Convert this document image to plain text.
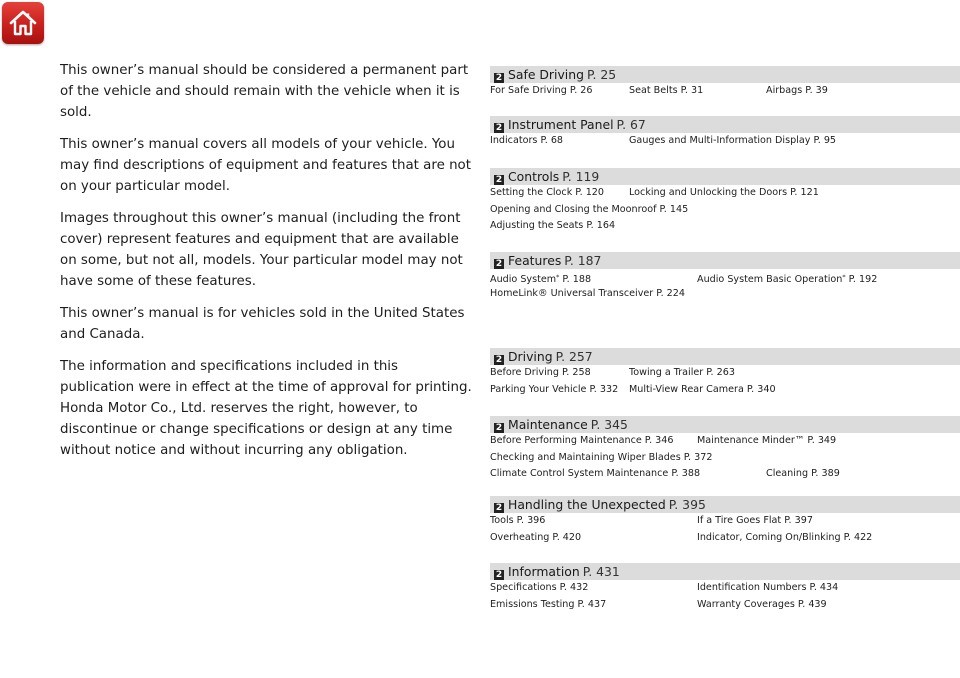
This owner’s manual should be considered a permanent part of the vehicle and should remain with the vehicle when it is sold.

This owner’s manual covers all models of your vehicle. You may find descriptions of equipment and features that are not on your particular model.

Images throughout this owner’s manual (including the front cover) represent features and equipment that are available on some, but not all, models. Your particular model may not have some of these features.

This owner’s manual is for vehicles sold in the United States and Canada.

The information and specifications included in this publication were in effect at the time of approval for printing. Honda Motor Co., Ltd. reserves the right, however, to discontinue or change specifications or design at any time without notice and without incurring any obligation.

2 Safe Driving P. 25
For Safe Driving P. 26	Seat Belts P. 31	Airbags P. 39
2 Instrument Panel P. 67
Indicators P. 68	Gauges and Multi-Information Display P. 95
2 Controls P. 119
Setting the Clock P. 120	Locking and Unlocking the Doors P. 121
Opening and Closing the Moonroof P. 145
Adjusting the Seats P. 164
2 Features P. 187
Audio System* P. 188	Audio System Basic Operation* P. 192
HomeLink® Universal Transceiver P. 224
2 Driving P. 257
Before Driving P. 258	Towing a Trailer P. 263
Parking Your Vehicle P. 332 Multi-View Rear Camera P. 340
2 Maintenance P. 345
Before Performing Maintenance P. 346 Maintenance Minder™ P. 349
Checking and Maintaining Wiper Blades P. 372
Climate Control System Maintenance P. 388	Cleaning P. 389
2 Handling the Unexpected P. 395
Tools P. 396	If a Tire Goes Flat P. 397
Overheating P. 420	Indicator, Coming On/Blinking P. 422
2 Information P. 431
Specifications P. 432	Identification Numbers P. 434
Emissions Testing P. 437	Warranty Coverages P. 439
